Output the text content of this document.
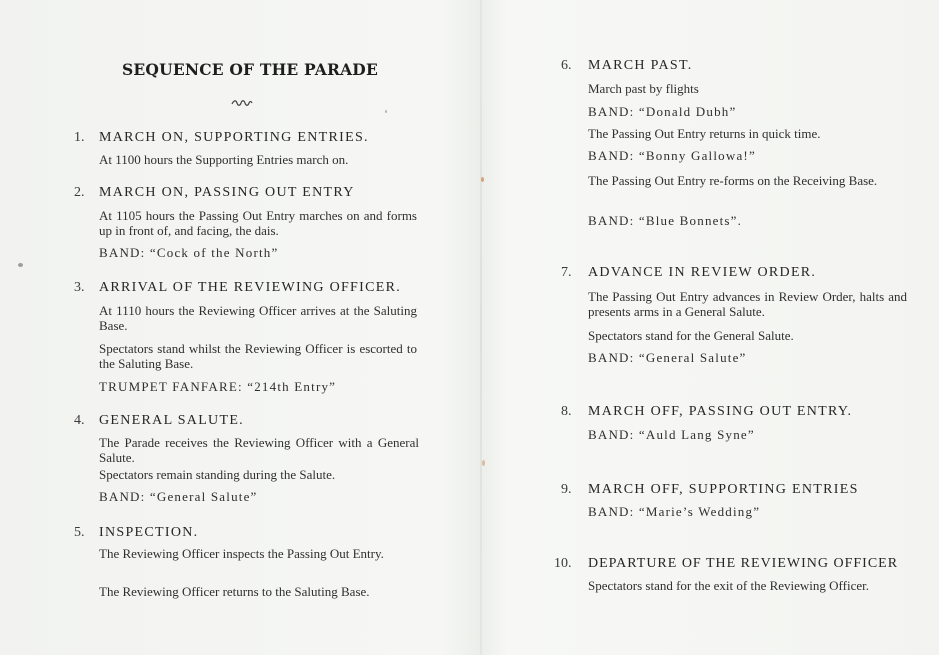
SEQUENCE OF THE PARADE
1. MARCH ON, SUPPORTING ENTRIES.
At 1100 hours the Supporting Entries march on.
2. MARCH ON, PASSING OUT ENTRY
At 1105 hours the Passing Out Entry marches on and forms up in front of, and facing, the dais.
BAND: “Cock of the North”
3. ARRIVAL OF THE REVIEWING OFFICER.
At 1110 hours the Reviewing Officer arrives at the Saluting Base.
Spectators stand whilst the Reviewing Officer is escorted to the Saluting Base.
TRUMPET FANFARE: “214th Entry”
4. GENERAL SALUTE.
The Parade receives the Reviewing Officer with a General Salute.
Spectators remain standing during the Salute.
BAND: “General Salute”
5. INSPECTION.
The Reviewing Officer inspects the Passing Out Entry.
The Reviewing Officer returns to the Saluting Base.
6. MARCH PAST.
March past by flights
BAND: “Donald Dubh”
The Passing Out Entry returns in quick time.
BAND: “Bonny Gallowa!”
The Passing Out Entry re-forms on the Receiving Base.
BAND: “Blue Bonnets”.
7. ADVANCE IN REVIEW ORDER.
The Passing Out Entry advances in Review Order, halts and presents arms in a General Salute.
Spectators stand for the General Salute.
BAND: “General Salute”
8. MARCH OFF, PASSING OUT ENTRY.
BAND: “Auld Lang Syne”
9. MARCH OFF, SUPPORTING ENTRIES
BAND: “Marie’s Wedding”
10. DEPARTURE OF THE REVIEWING OFFICER
Spectators stand for the exit of the Reviewing Officer.
